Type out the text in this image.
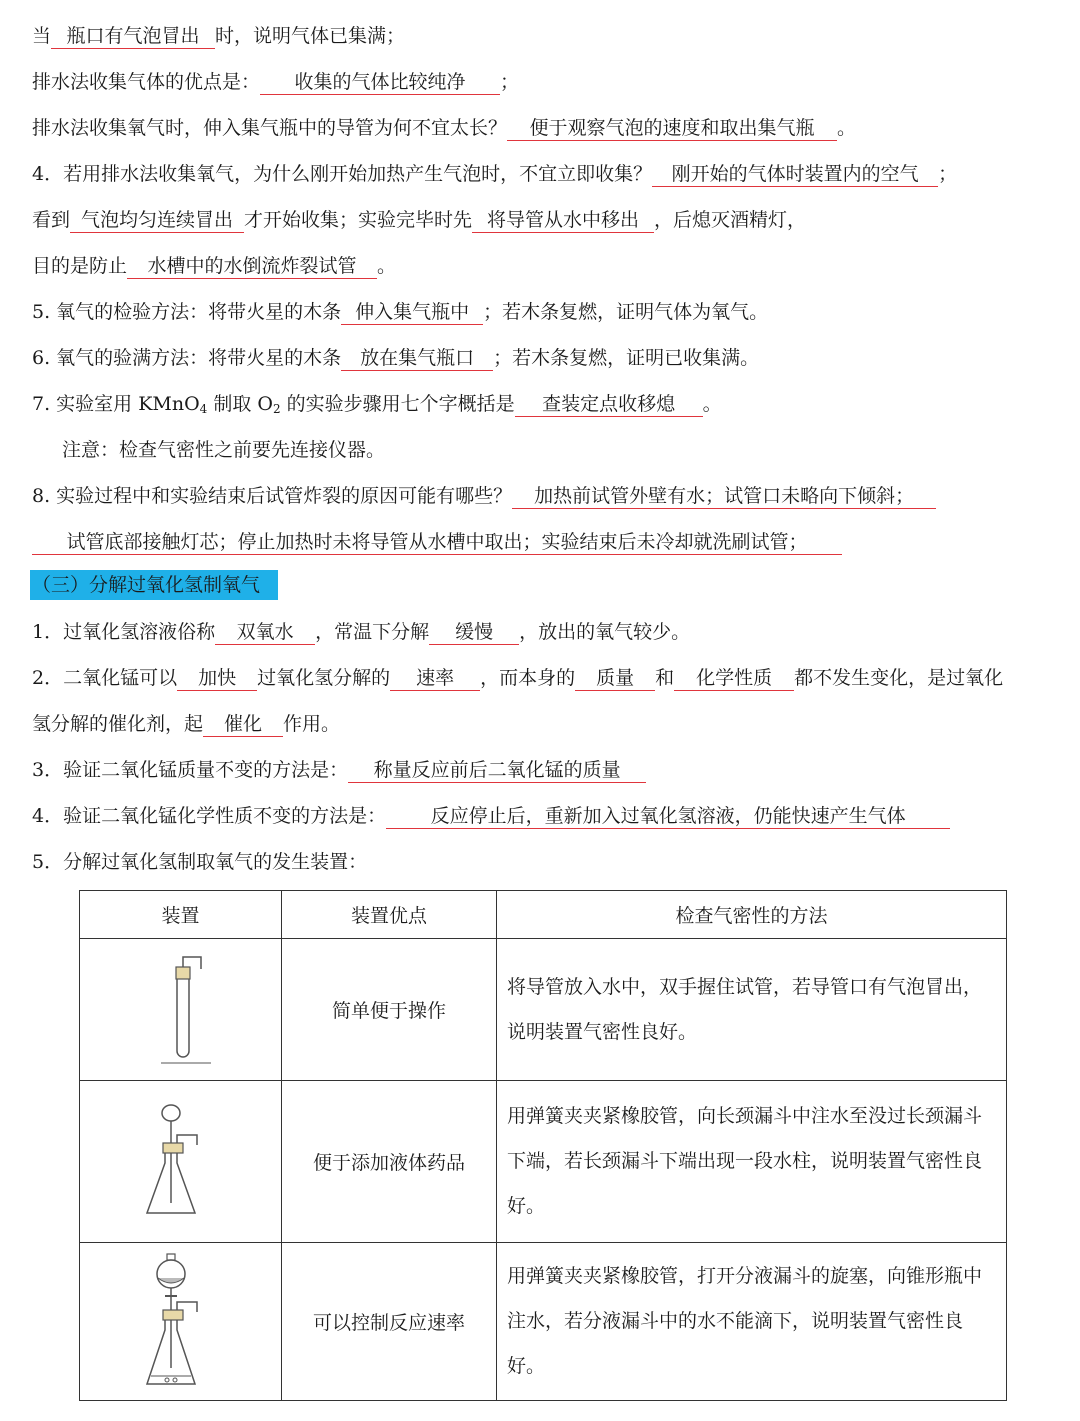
当 瓶口有气泡冒出 时，说明气体已集满；
排水法收集气体的优点是： 收集的气体比较纯净 ；
排水法收集氧气时，伸入集气瓶中的导管为何不宜太长？ 便于观察气泡的速度和取出集气瓶 。
4．若用排水法收集氧气，为什么刚开始加热产生气泡时，不宜立即收集？ 刚开始的气体时装置内的空气 ；
看到 气泡均匀连续冒出 才开始收集；实验完毕时先 将导管从水中移出 ，后熄灭酒精灯，
目的是防止 水槽中的水倒流炸裂试管 。
5. 氧气的检验方法：将带火星的木条 伸入集气瓶中 ；若木条复燃，证明气体为氧气。
6. 氧气的验满方法：将带火星的木条 放在集气瓶口 ；若木条复燃，证明已收集满。
7. 实验室用 KMnO$_4$ 制取 $O_2$ 的实验步骤用七个字概括是 查装定点收移熄 。
注意：检查气密性之前要先连接仪器。
8. 实验过程中和实验结束后试管炸裂的原因可能有哪些？ 加热前试管外壁有水；试管口未略向下倾斜；
试管底部接触灯芯；停止加热时未将导管从水槽中取出；实验结束后未冷却就洗刷试管；
（三）分解过氧化氢制氧气
1．过氧化氢溶液俗称 双氧水 ，常温下分解 缓慢 ，放出的氧气较少。
2．二氧化锰可以 加快 过氧化氢分解的 速率 ，而本身的 质量 和 化学性质 都不发生变化，是过氧化
氢分解的催化剂，起 催化 作用。
3．验证二氧化锰质量不变的方法是： 称量反应前后二氧化锰的质量
4．验证二氧化锰化学性质不变的方法是： 反应停止后，重新加入过氧化氢溶液，仍能快速产生气体
5．分解过氧化氢制取氧气的发生装置：
装置	装置优点	检查气密性的方法

	简单便于操作	将导管放入水中，双手握住试管，若导管口有气泡冒出，说明装置气密性良好。

	便于添加液体药品	用弹簧夹夹紧橡胶管，向长颈漏斗中注水至没过长颈漏斗下端，若长颈漏斗下端出现一段水柱，说明装置气密性良好。

	可以控制反应速率	用弹簧夹夹紧橡胶管，打开分液漏斗的旋塞，向锥形瓶中注水，若分液漏斗中的水不能滴下，说明装置气密性良好。
